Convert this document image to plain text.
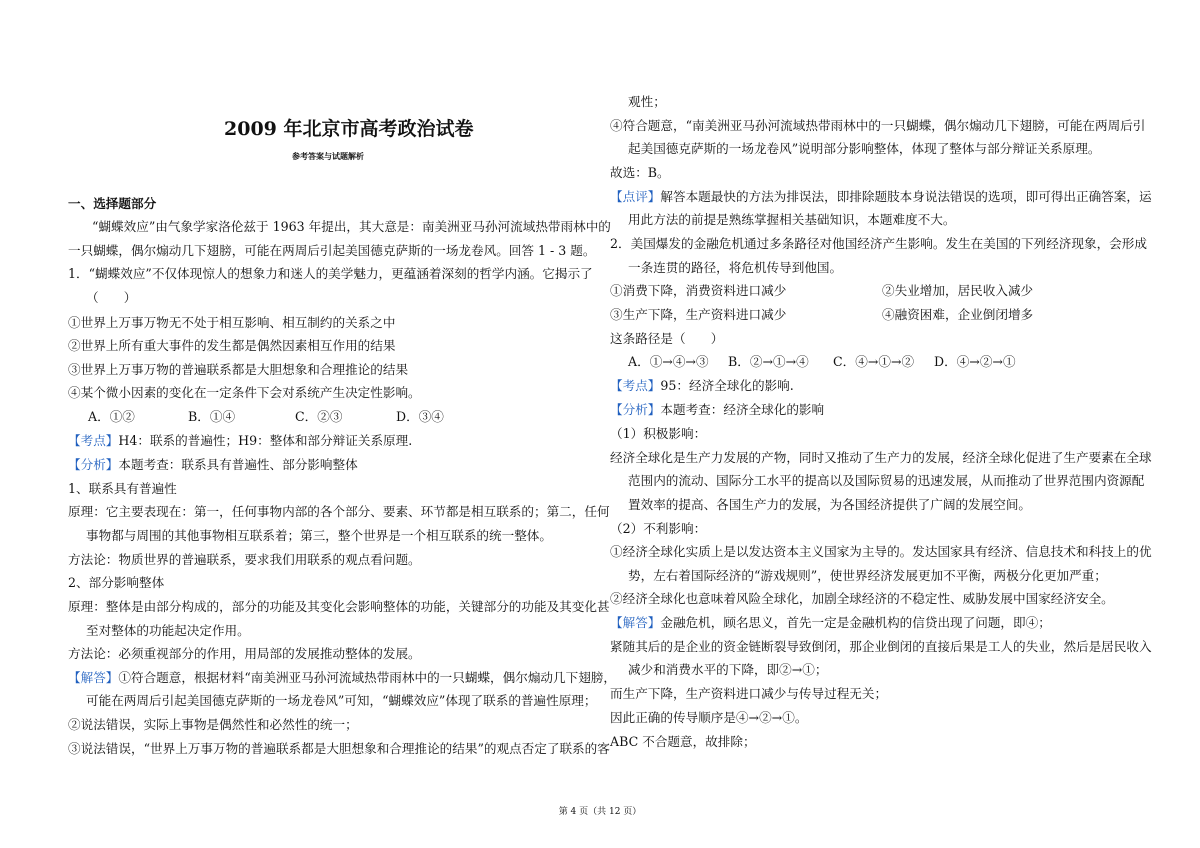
2009 年北京市高考政治试卷
参考答案与试题解析
一、选择题部分
“蝴蝶效应”由气象学家洛伦兹于 1963 年提出，其大意是：南美洲亚马孙河流域热带雨林中的
一只蝴蝶，偶尔煽动几下翅膀，可能在两周后引起美国德克萨斯的一场龙卷风。回答 1 - 3 题。
1．“蝴蝶效应”不仅体现惊人的想象力和迷人的美学魅力，更蕴涵着深刻的哲学内涵。它揭示了
（　　）
①世界上万事万物无不处于相互影响、相互制约的关系之中
②世界上所有重大事件的发生都是偶然因素相互作用的结果
③世界上万事万物的普遍联系都是大胆想象和合理推论的结果
④某个微小因素的变化在一定条件下会对系统产生决定性影响。
A．①②	B．①④	C．②③	D．③④
【考点】H4：联系的普遍性；H9：整体和部分辩证关系原理.
【分析】本题考查：联系具有普遍性、部分影响整体
1、联系具有普遍性
原理：它主要表现在：第一，任何事物内部的各个部分、要素、环节都是相互联系的；第二，任何
事物都与周围的其他事物相互联系着；第三，整个世界是一个相互联系的统一整体。
方法论：物质世界的普遍联系，要求我们用联系的观点看问题。
2、部分影响整体
原理：整体是由部分构成的，部分的功能及其变化会影响整体的功能，关键部分的功能及其变化甚
至对整体的功能起决定作用。
方法论：必须重视部分的作用，用局部的发展推动整体的发展。
【解答】①符合题意，根据材料“南美洲亚马孙河流域热带雨林中的一只蝴蝶，偶尔煽动几下翅膀，
可能在两周后引起美国德克萨斯的一场龙卷风”可知，“蝴蝶效应”体现了联系的普遍性原理；
②说法错误，实际上事物是偶然性和必然性的统一；
③说法错误，“世界上万事万物的普遍联系都是大胆想象和合理推论的结果”的观点否定了联系的客
观性；
④符合题意，“南美洲亚马孙河流域热带雨林中的一只蝴蝶，偶尔煽动几下翅膀，可能在两周后引
起美国德克萨斯的一场龙卷风”说明部分影响整体，体现了整体与部分辩证关系原理。
故选：B。
【点评】解答本题最快的方法为排误法，即排除题肢本身说法错误的选项，即可得出正确答案，运
用此方法的前提是熟练掌握相关基础知识，本题难度不大。
2．美国爆发的金融危机通过多条路径对他国经济产生影响。发生在美国的下列经济现象，会形成
一条连贯的路径，将危机传导到他国。
①消费下降，消费资料进口减少	②失业增加，居民收入减少
③生产下降，生产资料进口减少	④融资困难，企业倒闭增多
这条路径是（　　）
A．①→④→③ B．②→①→④ C．④→①→② D．④→②→①
【考点】95：经济全球化的影响.
【分析】本题考查：经济全球化的影响
（1）积极影响：
经济全球化是生产力发展的产物，同时又推动了生产力的发展，经济全球化促进了生产要素在全球
范围内的流动、国际分工水平的提高以及国际贸易的迅速发展，从而推动了世界范围内资源配
置效率的提高、各国生产力的发展，为各国经济提供了广阔的发展空间。
（2）不利影响：
①经济全球化实质上是以发达资本主义国家为主导的。发达国家具有经济、信息技术和科技上的优
势，左右着国际经济的“游戏规则”，使世界经济发展更加不平衡，两极分化更加严重；
②经济全球化也意味着风险全球化，加剧全球经济的不稳定性、威胁发展中国家经济安全。
【解答】金融危机，顾名思义，首先一定是金融机构的信贷出现了问题，即④；
紧随其后的是企业的资金链断裂导致倒闭，那企业倒闭的直接后果是工人的失业，然后是居民收入
减少和消费水平的下降，即②→①；
而生产下降，生产资料进口减少与传导过程无关；
因此正确的传导顺序是④→②→①。
ABC 不合题意，故排除；
第 4 页（共 12 页）
